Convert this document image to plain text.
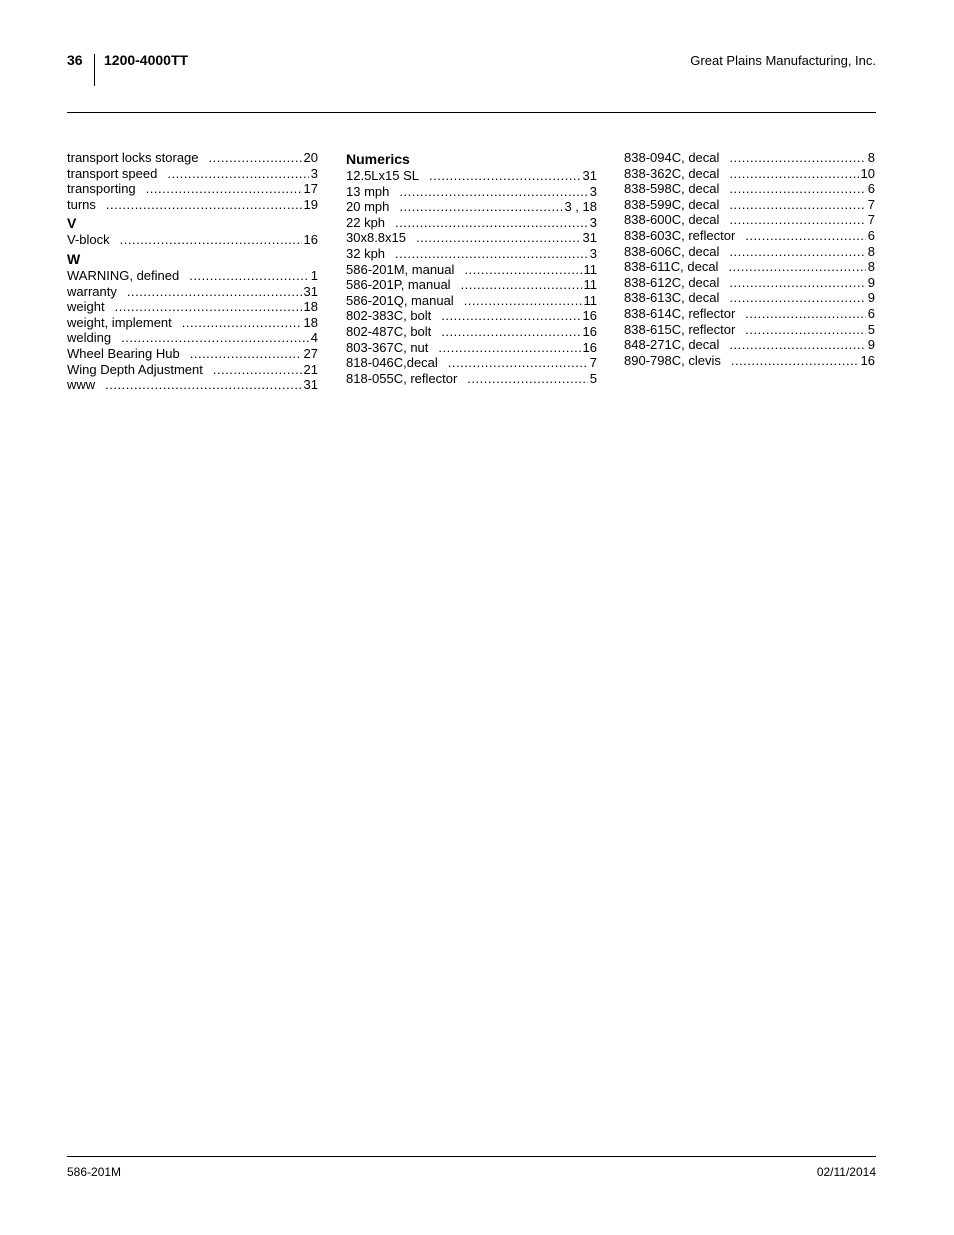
36 1200-4000TT	Great Plains Manufacturing, Inc.
transport locks storage .....	20
transport speed .....	3
transporting .....	17
turns .....	19
V
V-block .....	16
W
WARNING, defined .....	1
warranty .....	31
weight .....	18
weight, implement .....	18
welding .....	4
Wheel Bearing Hub .....	27
Wing Depth Adjustment .....	21
www .....	31
Numerics
12.5Lx15 SL .....	31
13 mph .....	3
20 mph .....	3 , 18
22 kph .....	3
30x8.8x15 .....	31
32 kph .....	3
586-201M, manual .....	11
586-201P, manual .....	11
586-201Q, manual .....	11
802-383C, bolt .....	16
802-487C, bolt .....	16
803-367C, nut .....	16
818-046C,decal .....	7
818-055C, reflector .....	5
838-094C, decal .....	8
838-362C, decal .....	10
838-598C, decal .....	6
838-599C, decal .....	7
838-600C, decal .....	7
838-603C, reflector .....	6
838-606C, decal .....	8
838-611C, decal .....	8
838-612C, decal .....	9
838-613C, decal .....	9
838-614C, reflector .....	6
838-615C, reflector .....	5
848-271C, decal .....	9
890-798C, clevis .....	16
586-201M	02/11/2014
